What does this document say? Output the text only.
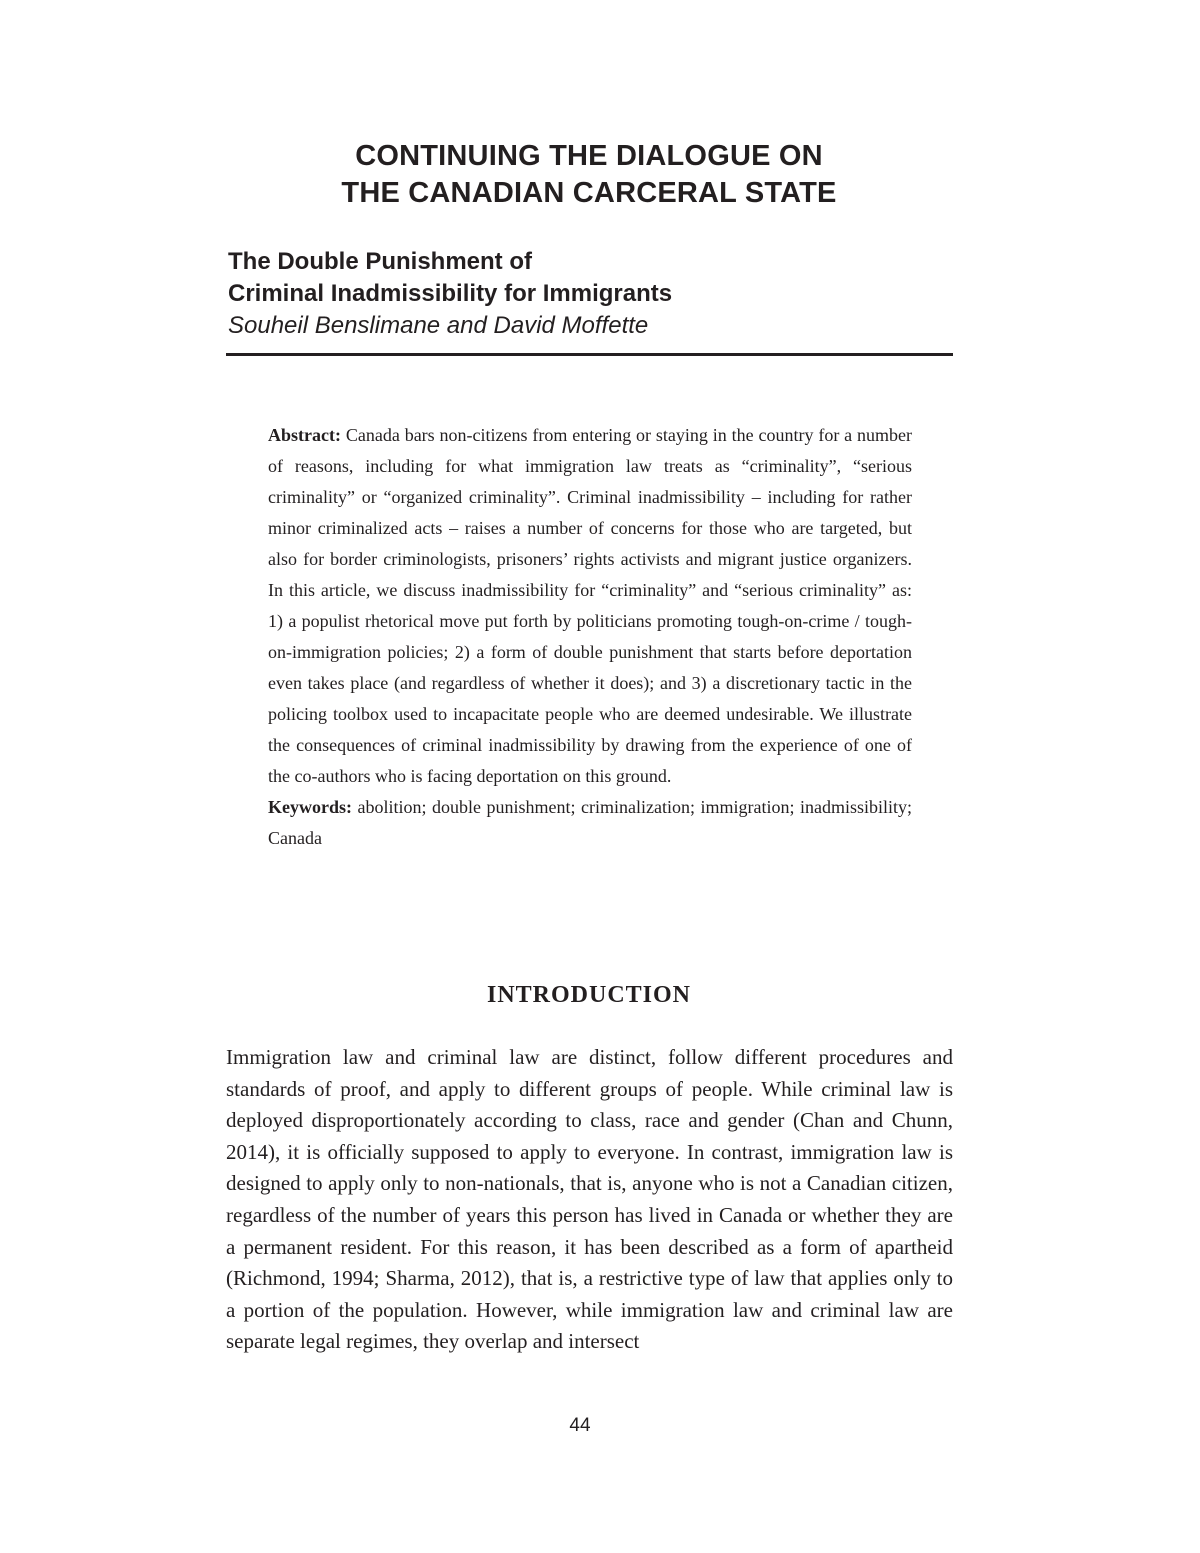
CONTINUING THE DIALOGUE ON
THE CANADIAN CARCERAL STATE
The Double Punishment of
Criminal Inadmissibility for Immigrants
Souheil Benslimane and David Moffette

Abstract: Canada bars non-citizens from entering or staying in the country for a number of reasons, including for what immigration law treats as “criminality”, “serious criminality” or “organized criminality”. Criminal inadmissibility – including for rather minor criminalized acts – raises a number of concerns for those who are targeted, but also for border criminologists, prisoners’ rights activists and migrant justice organizers. In this article, we discuss inadmissibility for “criminality” and “serious criminality” as: 1) a populist rhetorical move put forth by politicians promoting tough-on-crime / tough-on-immigration policies; 2) a form of double punishment that starts before deportation even takes place (and regardless of whether it does); and 3) a discretionary tactic in the policing toolbox used to incapacitate people who are deemed undesirable. We illustrate the consequences of criminal inadmissibility by drawing from the experience of one of the co-authors who is facing deportation on this ground.

Keywords: abolition; double punishment; criminalization; immigration; inadmissibility; Canada

INTRODUCTION
Immigration law and criminal law are distinct, follow different procedures and standards of proof, and apply to different groups of people. While criminal law is deployed disproportionately according to class, race and gender (Chan and Chunn, 2014), it is officially supposed to apply to everyone. In contrast, immigration law is designed to apply only to non-nationals, that is, anyone who is not a Canadian citizen, regardless of the number of years this person has lived in Canada or whether they are a permanent resident. For this reason, it has been described as a form of apartheid (Richmond, 1994; Sharma, 2012), that is, a restrictive type of law that applies only to a portion of the population. However, while immigration law and criminal law are separate legal regimes, they overlap and intersect
44
